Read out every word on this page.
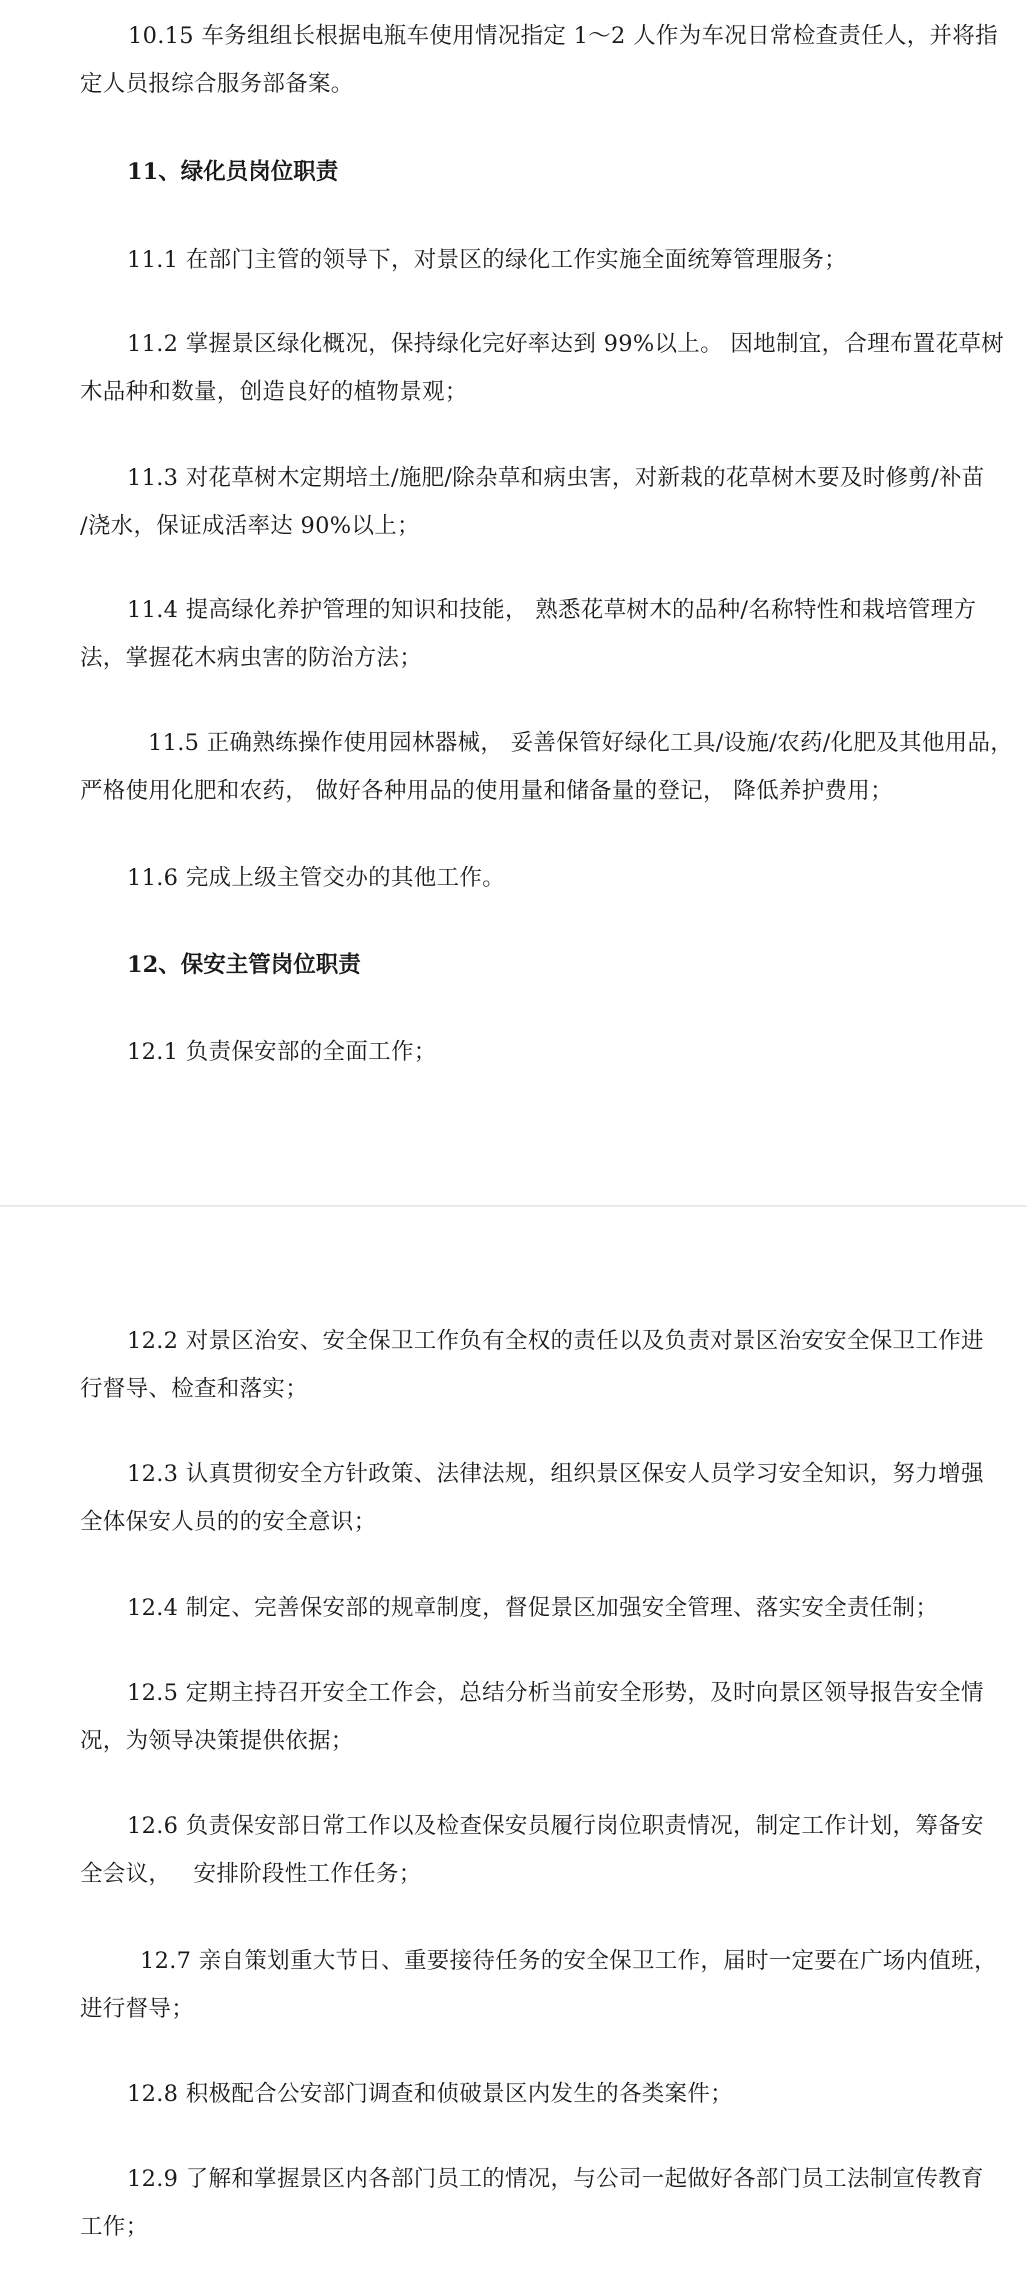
10.15 车务组组长根据电瓶车使用情况指定 1～2 人作为车况日常检查责任人，并将指
定人员报综合服务部备案。

11、绿化员岗位职责

11.1 在部门主管的领导下，对景区的绿化工作实施全面统筹管理服务；

11.2 掌握景区绿化概况，保持绿化完好率达到 99%以上。 因地制宜，合理布置花草树
木品种和数量，创造良好的植物景观；

11.3 对花草树木定期培土/施肥/除杂草和病虫害，对新栽的花草树木要及时修剪/补苗
/浇水，保证成活率达 90%以上；

11.4 提高绿化养护管理的知识和技能， 熟悉花草树木的品种/名称特性和栽培管理方
法，掌握花木病虫害的防治方法；

11.5 正确熟练操作使用园林器械， 妥善保管好绿化工具/设施/农药/化肥及其他用品，
严格使用化肥和农药， 做好各种用品的使用量和储备量的登记， 降低养护费用；

11.6 完成上级主管交办的其他工作。

12、保安主管岗位职责

12.1 负责保安部的全面工作；

12.2 对景区治安、安全保卫工作负有全权的责任以及负责对景区治安安全保卫工作进
行督导、检查和落实；

12.3 认真贯彻安全方针政策、法律法规，组织景区保安人员学习安全知识，努力增强
全体保安人员的的安全意识；

12.4 制定、完善保安部的规章制度，督促景区加强安全管理、落实安全责任制；

12.5 定期主持召开安全工作会，总结分析当前安全形势，及时向景区领导报告安全情
况，为领导决策提供依据；

12.6 负责保安部日常工作以及检查保安员履行岗位职责情况，制定工作计划，筹备安
全会议，   安排阶段性工作任务；

12.7 亲自策划重大节日、重要接待任务的安全保卫工作，届时一定要在广场内值班，
进行督导；

12.8 积极配合公安部门调查和侦破景区内发生的各类案件；

12.9 了解和掌握景区内各部门员工的情况，与公司一起做好各部门员工法制宣传教育
工作；
